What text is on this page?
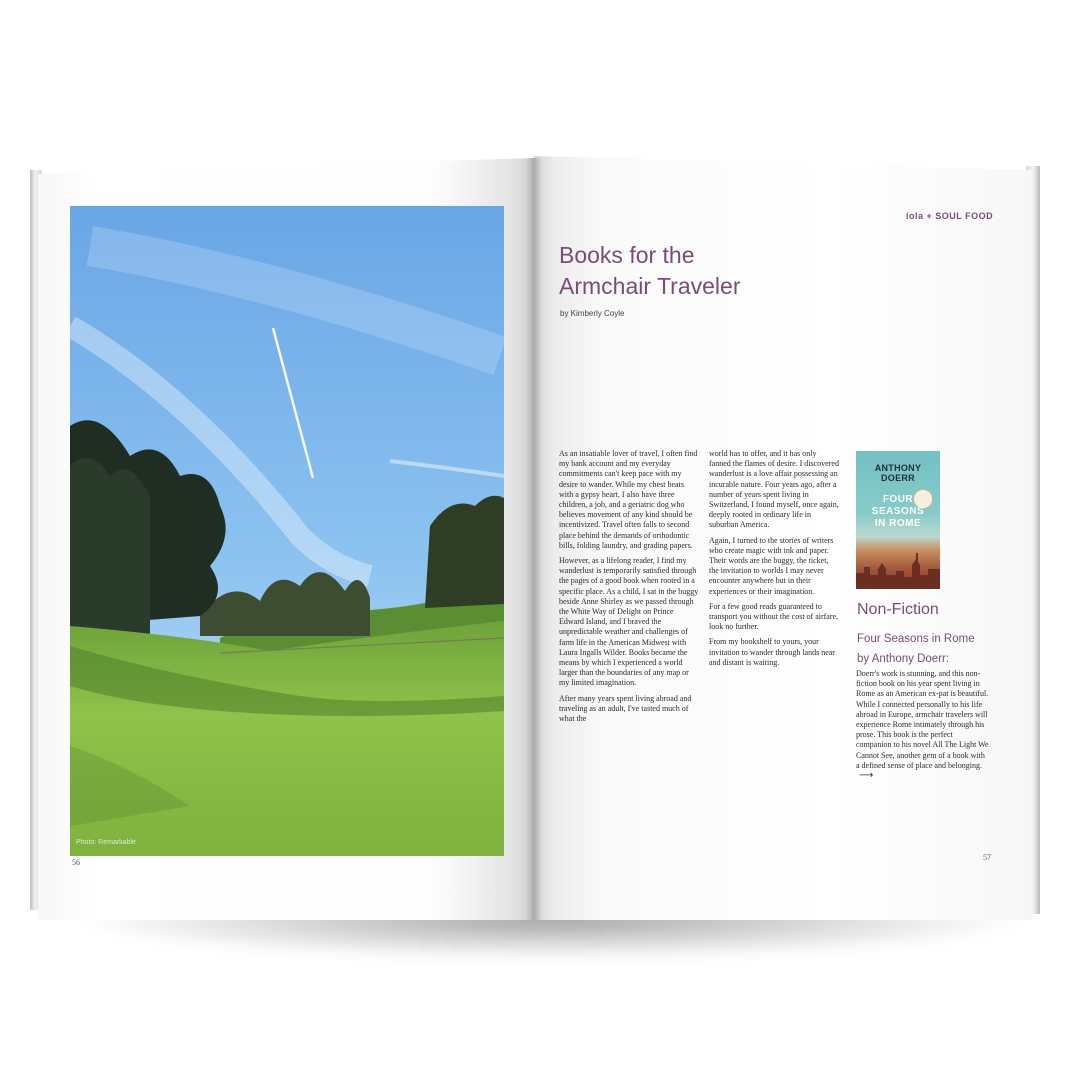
Photo: Remarkable
56
iola + SOUL FOOD
Books for the
Armchair Traveler
by Kimberly Coyle

As an insatiable lover of travel, I often find my bank account and my everyday commitments can't keep pace with my desire to wander. While my chest beats with a gypsy heart, I also have three children, a job, and a geriatric dog who believes movement of any kind should be incentivized. Travel often falls to second place behind the demands of orthodontic bills, folding laundry, and grading papers.

However, as a lifelong reader, I find my wanderlust is temporarily satisfied through the pages of a good book when rooted in a specific place. As a child, I sat in the buggy beside Anne Shirley as we passed through the White Way of Delight on Prince Edward Island, and I braved the unpredictable weather and challenges of farm life in the American Midwest with Laura Ingalls Wilder. Books became the means by which I experienced a world larger than the boundaries of any map or my limited imagination.

After many years spent living abroad and traveling as an adult, I've tasted much of what the

world has to offer, and it has only fanned the flames of desire. I discovered wanderlust is a love affair possessing an incurable nature. Four years ago, after a number of years spent living in Switzerland, I found myself, once again, deeply rooted in ordinary life in suburban America.

Again, I turned to the stories of writers who create magic with ink and paper. Their words are the buggy, the ticket, the invitation to worlds I may never encounter anywhere but in their experiences or their imagination.

For a few good reads guaranteed to transport you without the cost of airfare, look no further.

From my bookshelf to yours, your invitation to wander through lands near and distant is waiting.

ANTHONY
DOERR
FOUR
SEASONS
IN ROME
Non-Fiction
Four Seasons in Rome
by Anthony Doerr:
Doerr's work is stunning, and this non-fiction book on his year spent living in Rome as an American ex-pat is beautiful. While I connected personally to his life abroad in Europe, armchair travelers will experience Rome intimately through his prose. This book is the perfect companion to his novel All The Light We Cannot See, another gem of a book with a defined sense of place and belonging.⟶
57
